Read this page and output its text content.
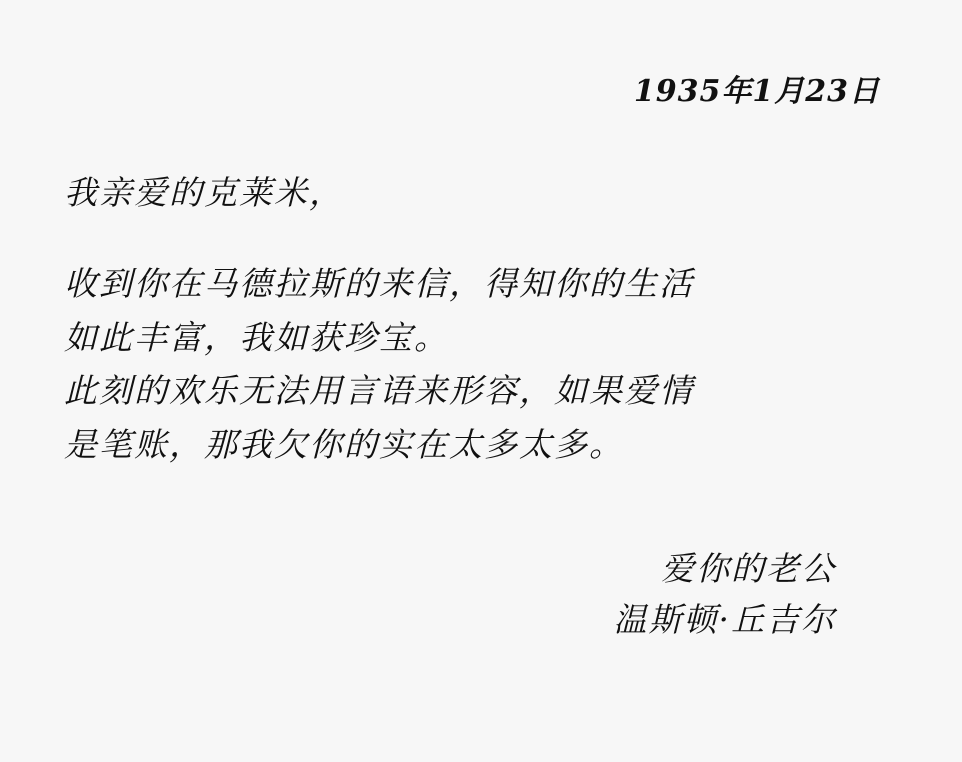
1935年1月23日
我亲爱的克莱米，
收到你在马德拉斯的来信，得知你的生活
如此丰富，我如获珍宝。
此刻的欢乐无法用言语来形容，如果爱情
是笔账，那我欠你的实在太多太多。
爱你的老公
温斯顿·丘吉尔
